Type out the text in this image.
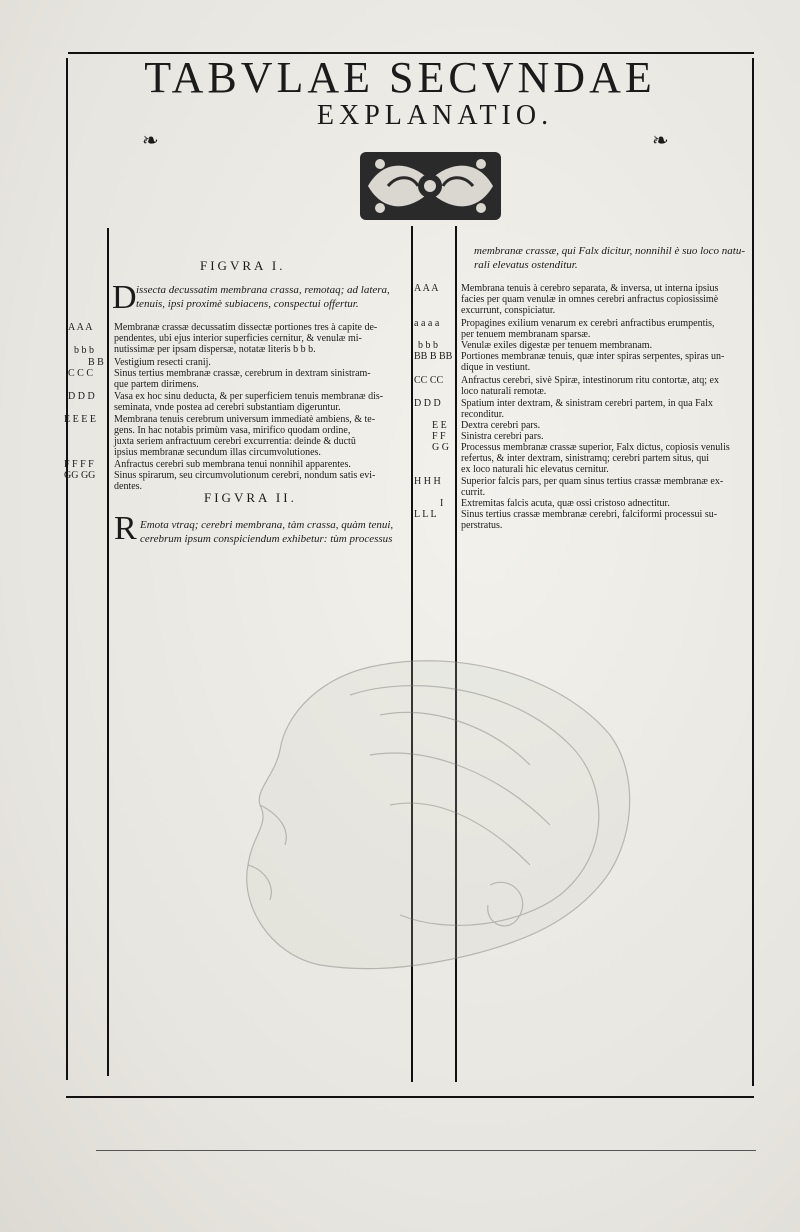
TABVLAE SECVNDAE
EXPLANATIO.
❧	❧
FIGVRA I.
D issecta decussatim membrana crassa, remotaq; ad latera,
tenuis, ipsi proximè subiacens, conspectui offertur.
A A A Membranæ crassæ decussatim dissectæ portiones tres à capite de-
pendentes, ubi ejus interior superficies cernitur, & venulæ mi-
nutissimæ per ipsam dispersæ, notatæ literis b b b.
b b b
B B Vestigium resecti cranij.
C C C Sinus tertius membranæ crassæ, cerebrum in dextram sinistram-
que partem dirimens.
D D D Vasa ex hoc sinu deducta, & per superficiem tenuis membranæ dis-
seminata, vnde postea ad cerebri substantiam digeruntur.
E E E E Membrana tenuis cerebrum universum immediatè ambiens, & te-
gens. In hac notabis primùm vasa, mirifico quodam ordine,
juxta seriem anfractuum cerebri excurrentia: deinde & ductû
ipsius membranæ secundum illas circumvolutiones.
F F F F Anfractus cerebri sub membrana tenui nonnihil apparentes.
GG GG Sinus spirarum, seu circumvolutionum cerebri, nondum satis evi-
dentes.
FIGVRA II.
R Emota vtraq; cerebri membrana, tàm crassa, quàm tenui,
cerebrum ipsum conspiciendum exhibetur: tùm processus
membranæ crassæ, qui Falx dicitur, nonnihil è suo loco natu-
rali elevatus ostenditur.
A A A Membrana tenuis à cerebro separata, & inversa, ut interna ipsius
facies per quam venulæ in omnes cerebri anfractus copiosissimè
excurrunt, conspiciatur.
a a a a Propagines exilium venarum ex cerebri anfractibus erumpentis,
per tenuem membranam sparsæ.
b b b Venulæ exiles digestæ per tenuem membranam.
BB B BB Portiones membranæ tenuis, quæ inter spiras serpentes, spiras un-
dique in vestiunt.
CC CC Anfractus cerebri, sivè Spiræ, intestinorum ritu contortæ, atq; ex
loco naturali remotæ.
D D D Spatium inter dextram, & sinistram cerebri partem, in qua Falx
reconditur.
E E Dextra cerebri pars.
F F Sinistra cerebri pars.
G G Processus membranæ crassæ superior, Falx dictus, copiosis venulis
refertus, & inter dextram, sinistramq; cerebri partem situs, qui
ex loco naturali hic elevatus cernitur.
H H H Superior falcis pars, per quam sinus tertius crassæ membranæ ex-
currit.
I Extremitas falcis acuta, quæ ossi cristoso adnectitur.
L L L Sinus tertius crassæ membranæ cerebri, falciformi processui su-
perstratus.
